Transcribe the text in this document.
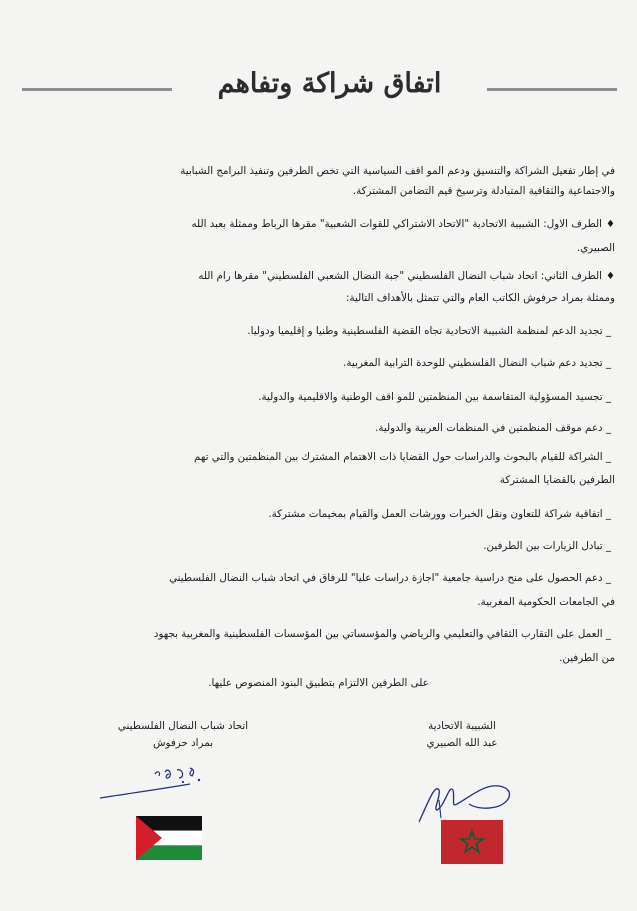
اتفاق شراكة وتفاهم
في إطار تفعيل الشراكة والتنسيق ودعم المو اقف السياسية التي تخص الطرفين وتنفيذ البرامج الشبابية
والاجتماعية والثقافية المتبادلة وترسيخ قيم التضامن المشتركة.
♦الطرف الاول: الشبيبة الاتحادية "الاتحاد الاشتراكي للقوات الشعبية" مقرها الرباط وممثلة بعبد الله
الصبيري.
♦الطرف الثاني: اتحاد شباب النضال الفلسطيني "جبة النضال الشعبي الفلسطيني" مقرها رام الله
وممثلة بمراد حرفوش الكاتب العام والتي تتمثل بالأهداف التالية:
_ تجديد الدعم لمنظمة الشبيبة الاتحادية تجاه القضية الفلسطينية وطنيا و إقليميا ودوليا.
_ تجديد دعم شباب النضال الفلسطيني للوحدة الترابية المغربية.
_ تجسيد المسؤولية المتقاسمة بين المنظمتين للمو اقف الوطنية والاقليمية والدولية.
_ دعم موقف المنظمتين في المنظمات العربية والدولية.
_ الشراكة للقيام بالبحوث والدراسات حول القضايا ذات الاهتمام المشترك بين المنظمتين والتي تهم
الطرفين بالقضايا المشتركة
_ اتفاقية شراكة للتعاون ونقل الخبرات وورشات العمل والقيام بمخيمات مشتركة.
_ تبادل الزيارات بين الطرفين.
_ دعم الحصول على منح دراسية جامعية "اجازة دراسات عليا" للرفاق في اتحاد شباب النضال الفلسطيني
في الجامعات الحكومية المغربية.
_ العمل على التقارب الثقافي والتعليمي والرياضي والمؤسساتي بين المؤسسات الفلسطينية والمغربية بجهود
من الطرفين.
على الطرفين الالتزام بتطبيق البنود المنصوص عليها.
اتحاد شباب النضال الفلسطيني
بمراد حرفوش
الشبيبة الاتحادية
عبد الله الصبيري
